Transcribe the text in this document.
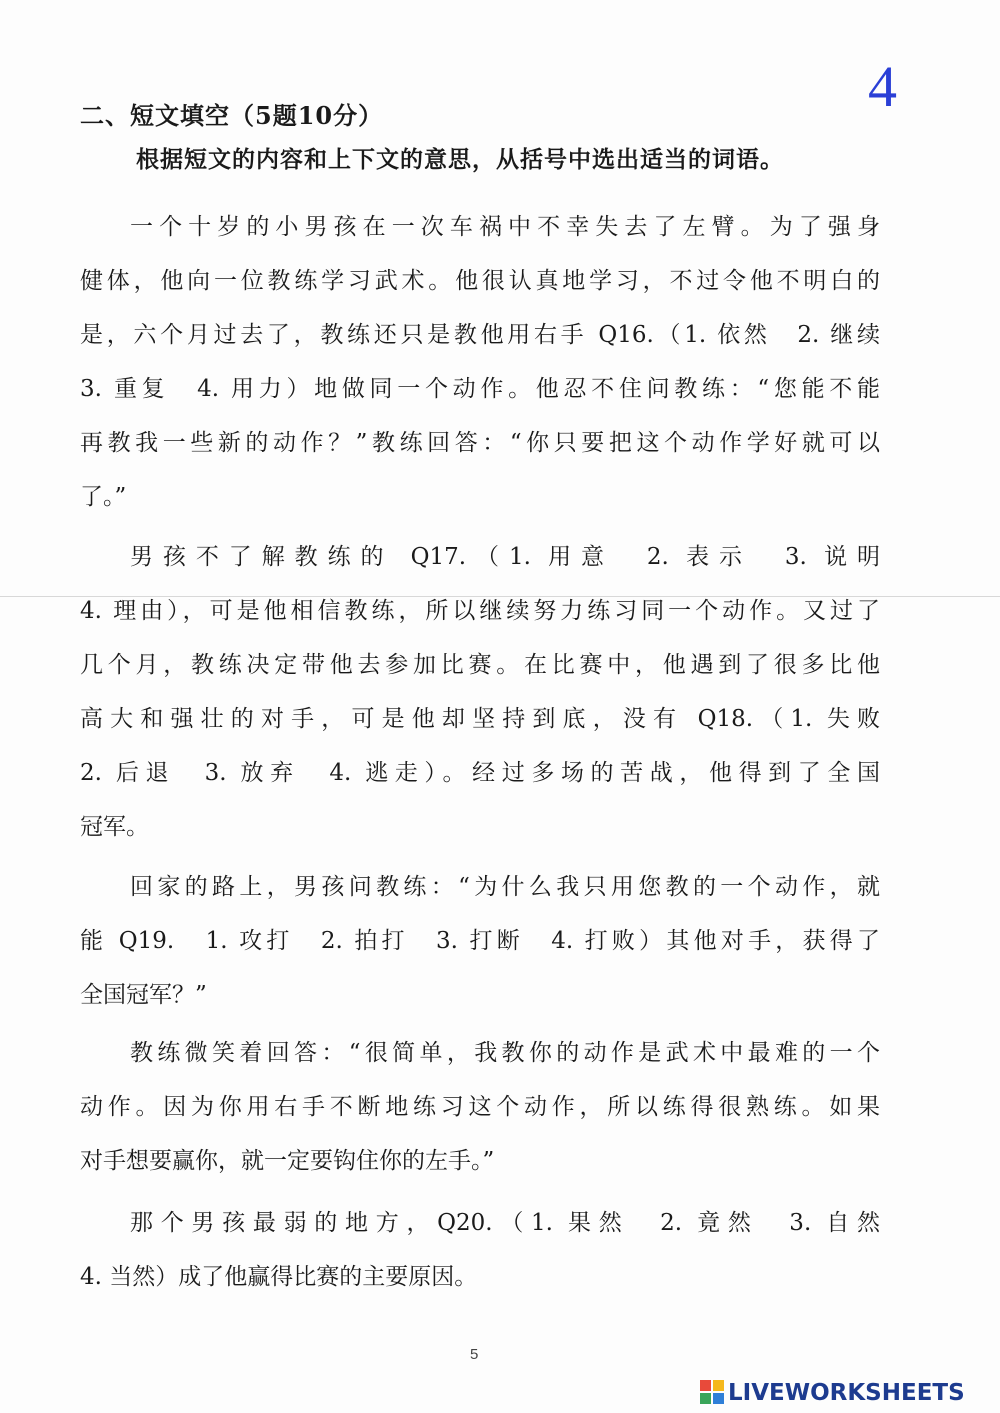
4
二、短文填空（5题10分）
根据短文的内容和上下文的意思，从括号中选出适当的词语。
一个十岁的小男孩在一次车祸中不幸失去了左臂。为了强身
健体，他向一位教练学习武术。他很认真地学习，不过令他不明白的
是，六个月过去了，教练还只是教他用右手 Q16.（1. 依然　2. 继续
3. 重复　4. 用力）地做同一个动作。他忍不住问教练：“您能不能
再教我一些新的动作？”教练回答：“你只要把这个动作学好就可以
了。”
男孩不了解教练的 Q17.（1. 用意　2. 表示　3. 说明
4. 理由），可是他相信教练，所以继续努力练习同一个动作。又过了
几个月，教练决定带他去参加比赛。在比赛中，他遇到了很多比他
高大和强壮的对手，可是他却坚持到底，没有 Q18.（1. 失败
2. 后退　3. 放弃　4. 逃走）。经过多场的苦战，他得到了全国
冠军。
回家的路上，男孩问教练：“为什么我只用您教的一个动作，就
能 Q19.　1. 攻打　2. 拍打　3. 打断　4. 打败）其他对手，获得了
全国冠军？”
教练微笑着回答：“很简单，我教你的动作是武术中最难的一个
动作。因为你用右手不断地练习这个动作，所以练得很熟练。如果
对手想要赢你，就一定要钩住你的左手。”
那个男孩最弱的地方，Q20.（1. 果然　2. 竟然　3. 自然
4. 当然）成了他赢得比赛的主要原因。
5
LIVEWORKSHEETS
